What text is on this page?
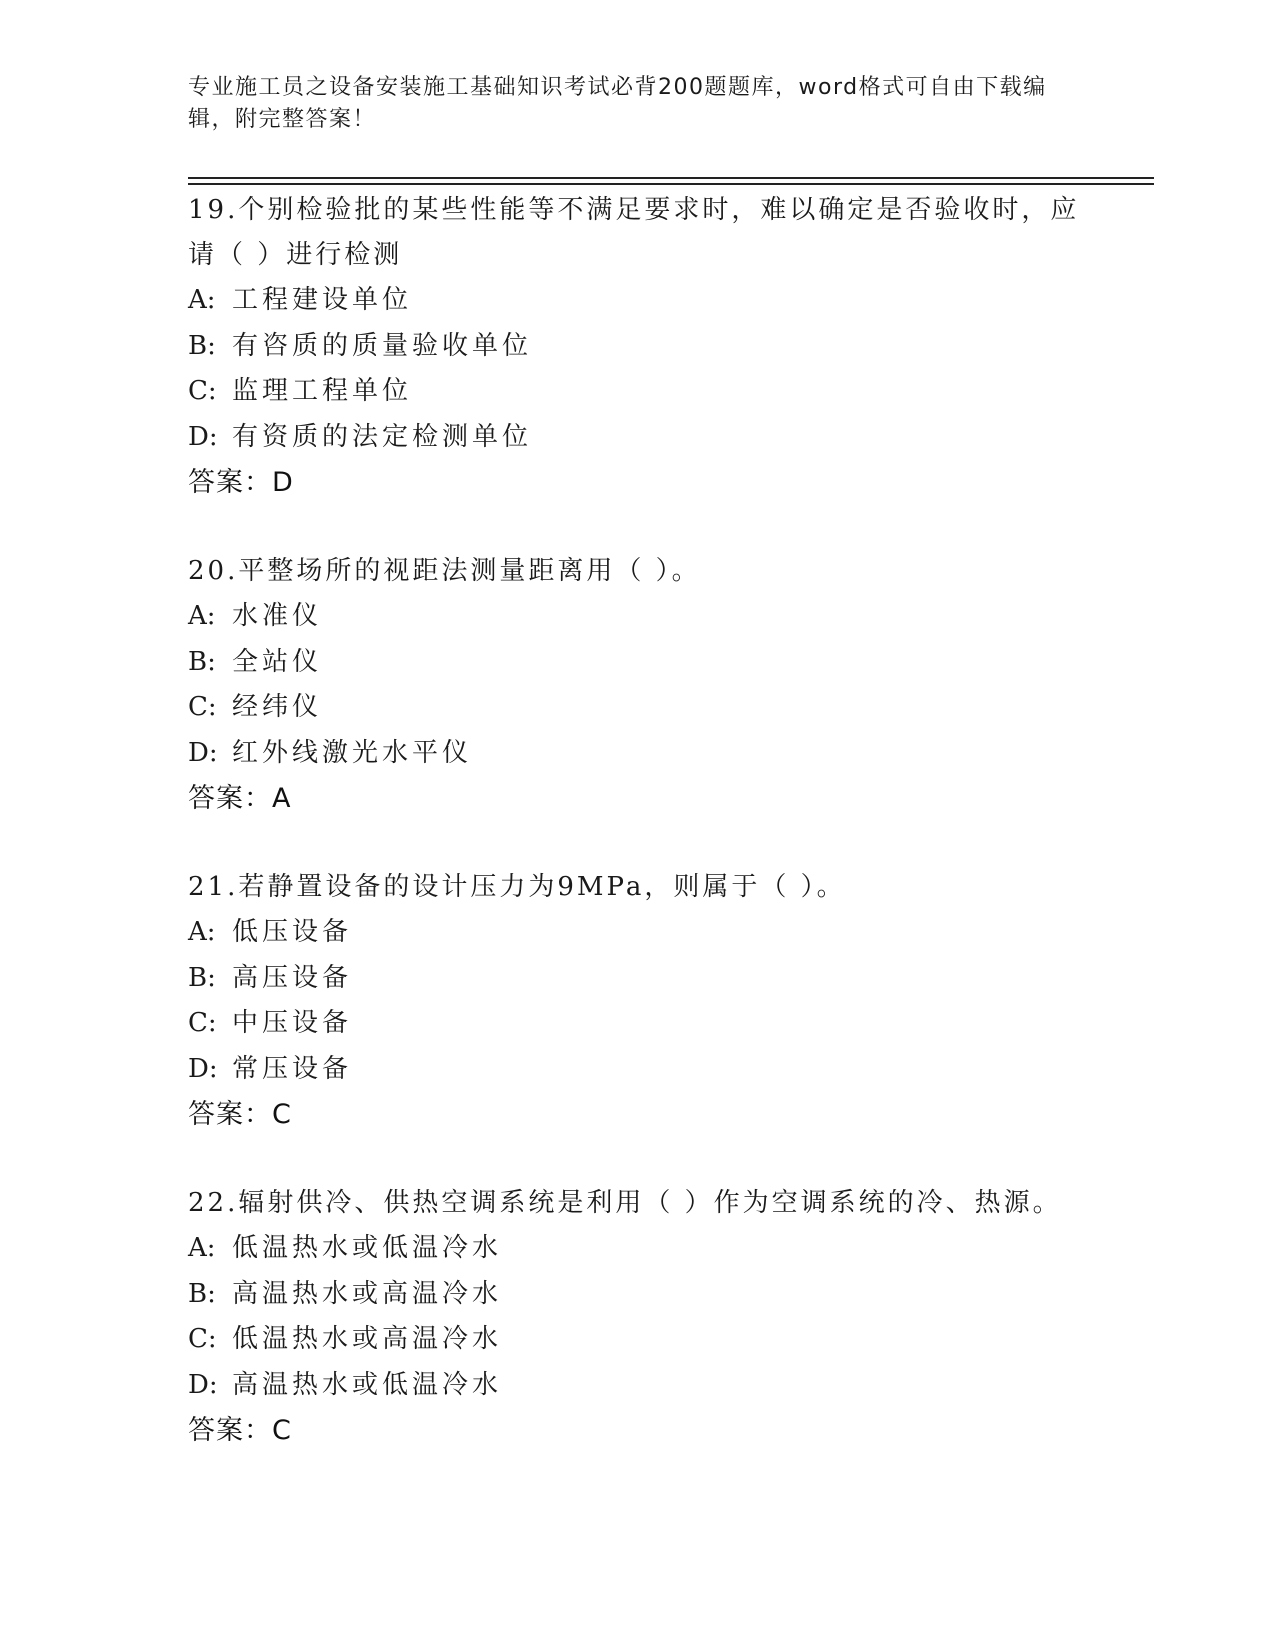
专业施工员之设备安装施工基础知识考试必背200题题库，word格式可自由下载编辑，附完整答案！

19.个别检验批的某些性能等不满足要求时，难以确定是否验收时，应请（ ）进行检测

A: 工程建设单位

B: 有咨质的质量验收单位

C: 监理工程单位

D: 有资质的法定检测单位

答案：D

20.平整场所的视距法测量距离用（ ）。

A: 水准仪

B: 全站仪

C: 经纬仪

D: 红外线激光水平仪

答案：A

21.若静置设备的设计压力为9MPa，则属于（ ）。

A: 低压设备

B: 高压设备

C: 中压设备

D: 常压设备

答案：C

22.辐射供冷、供热空调系统是利用（ ）作为空调系统的冷、热源。

A: 低温热水或低温冷水

B: 高温热水或高温冷水

C: 低温热水或高温冷水

D: 高温热水或低温冷水

答案：C
